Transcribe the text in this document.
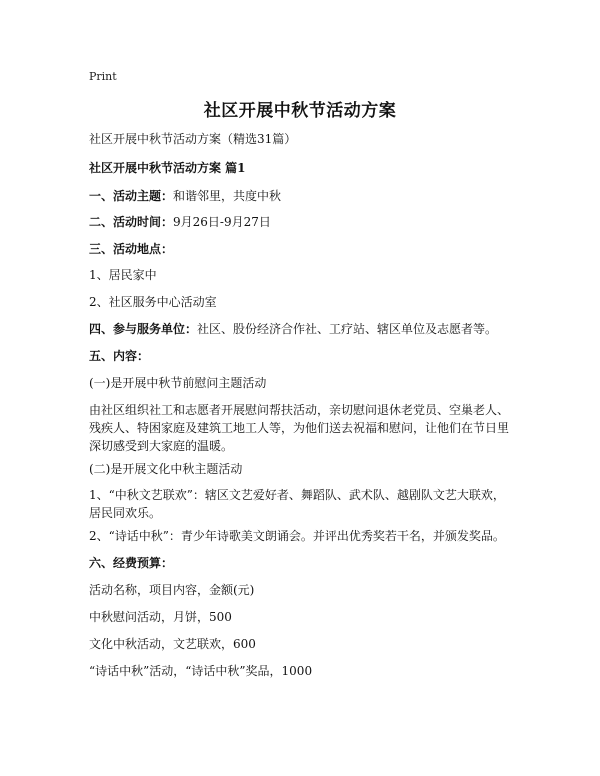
Print
社区开展中秋节活动方案
社区开展中秋节活动方案（精选31篇）
社区开展中秋节活动方案 篇1
一、活动主题：和谐邻里，共度中秋
二、活动时间：9月26日-9月27日
三、活动地点：
1、居民家中
2、社区服务中心活动室
四、参与服务单位：社区、股份经济合作社、工疗站、辖区单位及志愿者等。
五、内容：
(一)是开展中秋节前慰问主题活动
由社区组织社工和志愿者开展慰问帮扶活动，亲切慰问退休老党员、空巢老人、残疾人、特困家庭及建筑工地工人等，为他们送去祝福和慰问，让他们在节日里深切感受到大家庭的温暖。
(二)是开展文化中秋主题活动
1、“中秋文艺联欢”：辖区文艺爱好者、舞蹈队、武术队、越剧队文艺大联欢，居民同欢乐。
2、“诗话中秋”：青少年诗歌美文朗诵会。并评出优秀奖若干名，并颁发奖品。
六、经费预算：
活动名称，项目内容，金额(元)
中秋慰问活动，月饼，500
文化中秋活动，文艺联欢，600
“诗话中秋”活动，“诗话中秋”奖品，1000
